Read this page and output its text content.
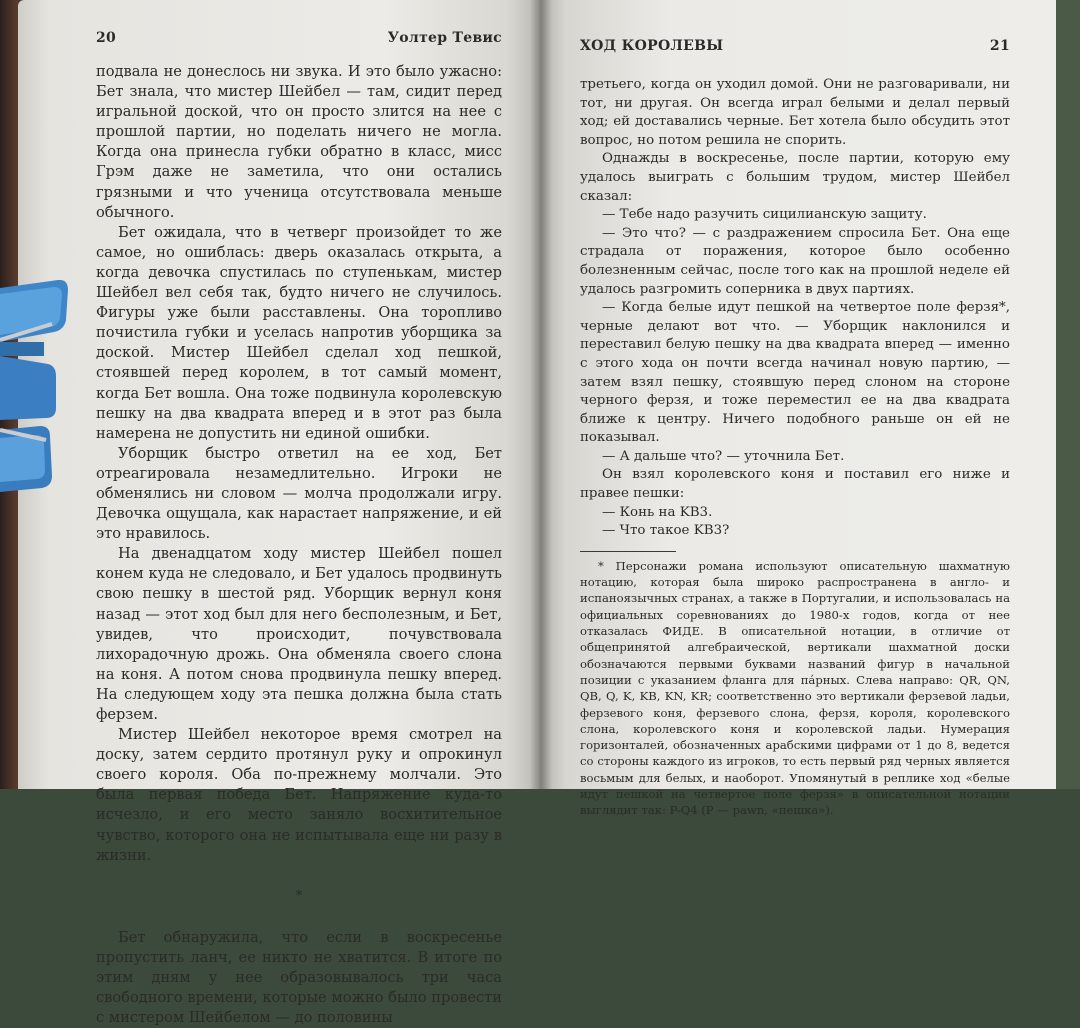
20	Уолтер Тевис

подвала не донеслось ни звука. И это было ужасно: Бет знала, что мистер Шейбел — там, сидит перед игральной доской, что он просто злится на нее с прошлой партии, но поделать ничего не могла. Когда она принесла губки обратно в класс, мисс Грэм даже не заметила, что они остались грязными и что ученица отсутствовала меньше обычного.

Бет ожидала, что в четверг произойдет то же самое, но ошиблась: дверь оказалась открыта, а когда девочка спустилась по ступенькам, мистер Шейбел вел себя так, будто ничего не случилось. Фигуры уже были расставлены. Она торопливо почистила губки и уселась напротив уборщика за доской. Мистер Шейбел сделал ход пешкой, стоявшей перед королем, в тот самый момент, когда Бет вошла. Она тоже подвинула королевскую пешку на два квадрата вперед и в этот раз была намерена не допустить ни единой ошибки.

Уборщик быстро ответил на ее ход, Бет отреагировала незамедлительно. Игроки не обменялись ни словом — молча продолжали игру. Девочка ощущала, как нарастает напряжение, и ей это нравилось.

На двенадцатом ходу мистер Шейбел пошел конем куда не следовало, и Бет удалось продвинуть свою пешку в шестой ряд. Уборщик вернул коня назад — этот ход был для него бесполезным, и Бет, увидев, что происходит, почувствовала лихорадочную дрожь. Она обменяла своего слона на коня. А потом снова продвинула пешку вперед. На следующем ходу эта пешка должна была стать ферзем.

Мистер Шейбел некоторое время смотрел на доску, затем сердито протянул руку и опрокинул своего короля. Оба по-прежнему молчали. Это была первая победа Бет. Напряжение куда-то исчезло, и его место заняло восхитительное чувство, которого она не испытывала еще ни разу в жизни.

*

Бет обнаружила, что если в воскресенье пропустить ланч, ее никто не хватится. В итоге по этим дням у нее образовывалось три часа свободного времени, которые можно было провести с мистером Шейбелом — до половины

ХОД КОРОЛЕВЫ	21

третьего, когда он уходил домой. Они не разговаривали, ни тот, ни другая. Он всегда играл белыми и делал первый ход; ей доставались черные. Бет хотела было обсудить этот вопрос, но потом решила не спорить.

Однажды в воскресенье, после партии, которую ему удалось выиграть с большим трудом, мистер Шейбел сказал:

— Тебе надо разучить сицилианскую защиту.

— Это что? — с раздражением спросила Бет. Она еще страдала от поражения, которое было особенно болезненным сейчас, после того как на прошлой неделе ей удалось разгромить соперника в двух партиях.

— Когда белые идут пешкой на четвертое поле ферзя*, черные делают вот что. — Уборщик наклонился и переставил белую пешку на два квадрата вперед — именно с этого хода он почти всегда начинал новую партию, — затем взял пешку, стоявшую перед слоном на стороне черного ферзя, и тоже переместил ее на два квадрата ближе к центру. Ничего подобного раньше он ей не показывал.

— А дальше что? — уточнила Бет.

Он взял королевского коня и поставил его ниже и правее пешки:

— Конь на KB3.

— Что такое KB3?

* Персонажи романа используют описательную шахматную нотацию, которая была широко распространена в англо- и испаноязычных странах, а также в Португалии, и использовалась на официальных соревнованиях до 1980-х годов, когда от нее отказалась ФИДЕ. В описательной нотации, в отличие от общепринятой алгебраической, вертикали шахматной доски обозначаются первыми буквами названий фигур в начальной позиции с указанием фланга для пáрных. Слева направо: QR, QN, QB, Q, K, KB, KN, KR; соответственно это вертикали ферзевой ладьи, ферзевого коня, ферзевого слона, ферзя, короля, королевского слона, королевского коня и королевской ладьи. Нумерация горизонталей, обозначенных арабскими цифрами от 1 до 8, ведется со стороны каждого из игроков, то есть первый ряд черных является восьмым для белых, и наоборот. Упомянутый в реплике ход «белые идут пешкой на четвертое поле ферзя» в описательной нотации выглядит так: P-Q4 (P — pawn, «пешка»).
